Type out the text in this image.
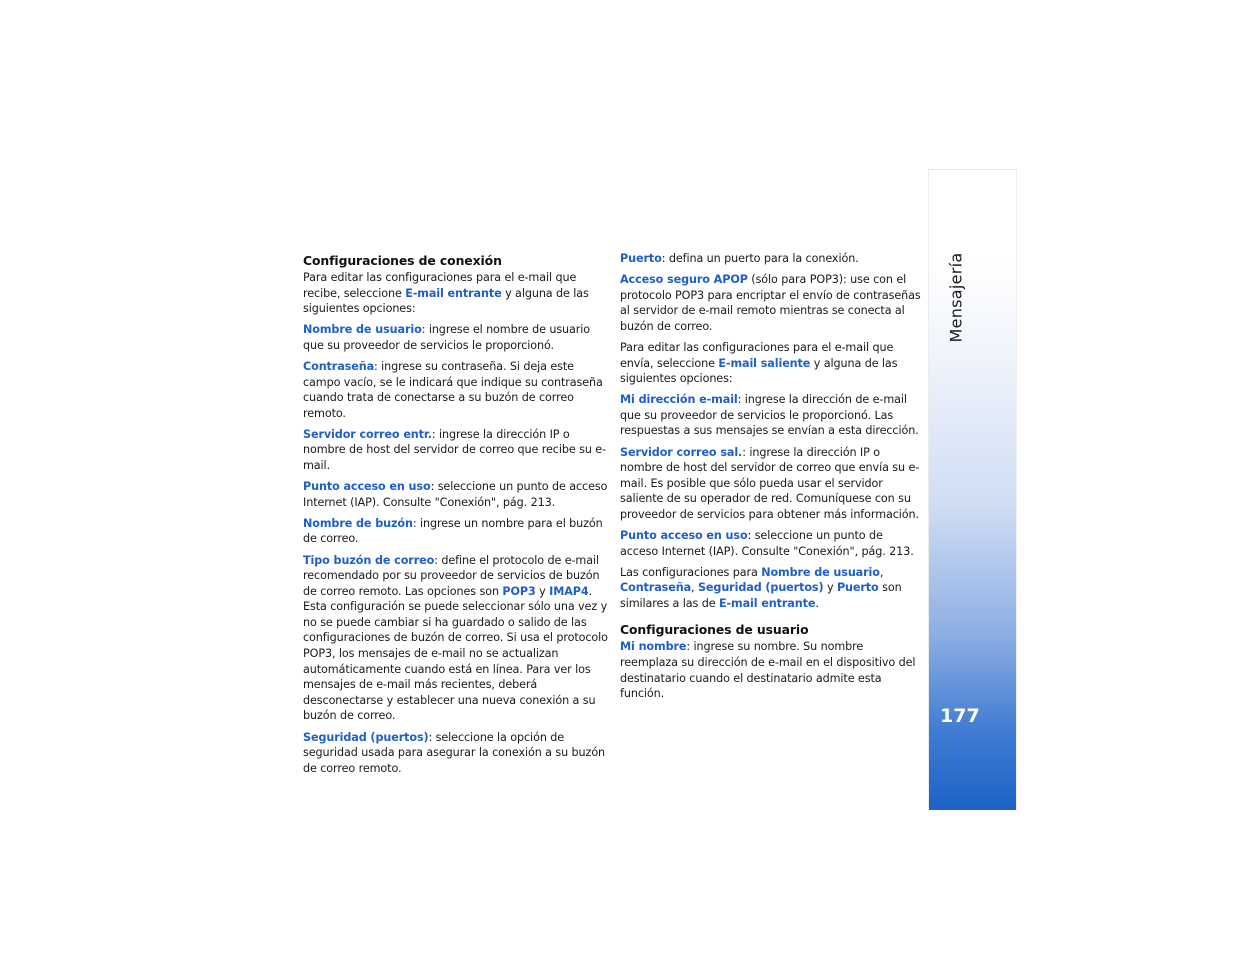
Configuraciones de conexión

Para editar las configuraciones para el e-mail que recibe, seleccione E-mail entrante y alguna de las siguientes opciones:

Nombre de usuario: ingrese el nombre de usuario que su proveedor de servicios le proporcionó.

Contraseña: ingrese su contraseña. Si deja este campo vacío, se le indicará que indique su contraseña cuando trata de conectarse a su buzón de correo remoto.

Servidor correo entr.: ingrese la dirección IP o nombre de host del servidor de correo que recibe su e-mail.

Punto acceso en uso: seleccione un punto de acceso Internet (IAP). Consulte "Conexión", pág. 213.

Nombre de buzón: ingrese un nombre para el buzón de correo.

Tipo buzón de correo: define el protocolo de e-mail recomendado por su proveedor de servicios de buzón de correo remoto. Las opciones son POP3 y IMAP4. Esta configuración se puede seleccionar sólo una vez y no se puede cambiar si ha guardado o salido de las configuraciones de buzón de correo. Si usa el protocolo POP3, los mensajes de e-mail no se actualizan automáticamente cuando está en línea. Para ver los mensajes de e-mail más recientes, deberá desconectarse y establecer una nueva conexión a su buzón de correo.

Seguridad (puertos): seleccione la opción de seguridad usada para asegurar la conexión a su buzón de correo remoto.

Puerto: defina un puerto para la conexión.

Acceso seguro APOP (sólo para POP3): use con el protocolo POP3 para encriptar el envío de contraseñas al servidor de e-mail remoto mientras se conecta al buzón de correo.

Para editar las configuraciones para el e-mail que envía, seleccione E-mail saliente y alguna de las siguientes opciones:

Mi dirección e-mail: ingrese la dirección de e-mail que su proveedor de servicios le proporcionó. Las respuestas a sus mensajes se envían a esta dirección.

Servidor correo sal.: ingrese la dirección IP o nombre de host del servidor de correo que envía su e-mail. Es posible que sólo pueda usar el servidor saliente de su operador de red. Comuníquese con su proveedor de servicios para obtener más información.

Punto acceso en uso: seleccione un punto de acceso Internet (IAP). Consulte "Conexión", pág. 213.

Las configuraciones para Nombre de usuario, Contraseña, Seguridad (puertos) y Puerto son similares a las de E-mail entrante.

Configuraciones de usuario

Mi nombre: ingrese su nombre. Su nombre reemplaza su dirección de e-mail en el dispositivo del destinatario cuando el destinatario admite esta función.

Mensajería
177
